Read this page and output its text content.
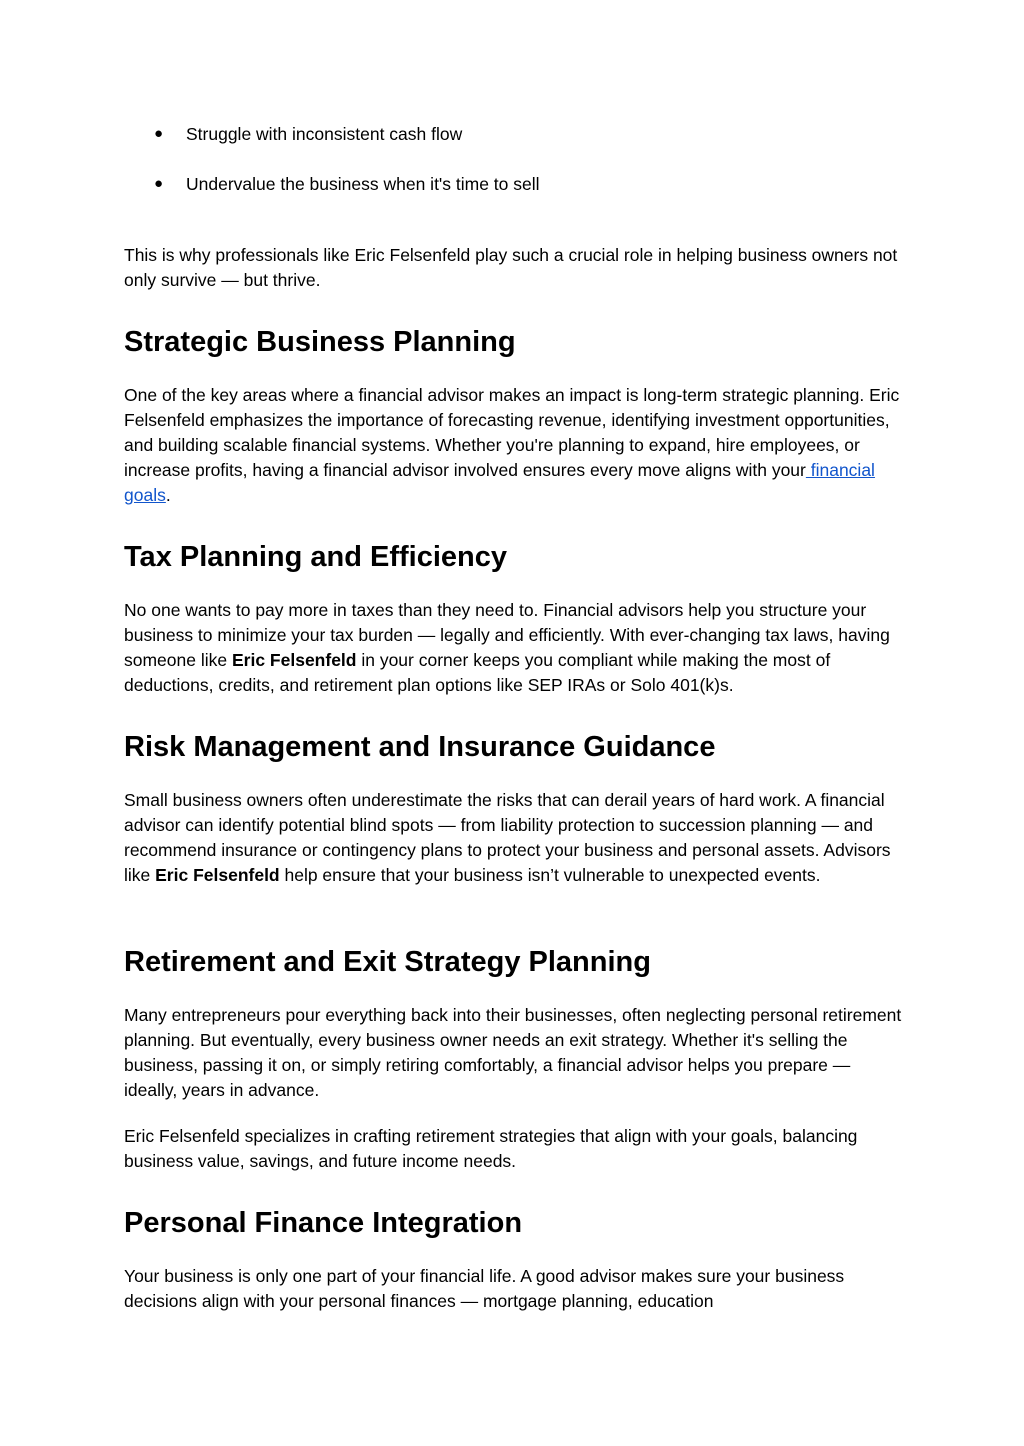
● Struggle with inconsistent cash flow
● Undervalue the business when it's time to sell

This is why professionals like Eric Felsenfeld play such a crucial role in helping business owners not only survive — but thrive.

Strategic Business Planning

One of the key areas where a financial advisor makes an impact is long-term strategic planning. Eric Felsenfeld emphasizes the importance of forecasting revenue, identifying investment opportunities, and building scalable financial systems. Whether you're planning to expand, hire employees, or increase profits, having a financial advisor involved ensures every move aligns with your financial goals.

Tax Planning and Efficiency

No one wants to pay more in taxes than they need to. Financial advisors help you structure your business to minimize your tax burden — legally and efficiently. With ever-changing tax laws, having someone like Eric Felsenfeld in your corner keeps you compliant while making the most of deductions, credits, and retirement plan options like SEP IRAs or Solo 401(k)s.

Risk Management and Insurance Guidance

Small business owners often underestimate the risks that can derail years of hard work. A financial advisor can identify potential blind spots — from liability protection to succession planning — and recommend insurance or contingency plans to protect your business and personal assets. Advisors like Eric Felsenfeld help ensure that your business isn’t vulnerable to unexpected events.

Retirement and Exit Strategy Planning

Many entrepreneurs pour everything back into their businesses, often neglecting personal retirement planning. But eventually, every business owner needs an exit strategy. Whether it's selling the business, passing it on, or simply retiring comfortably, a financial advisor helps you prepare — ideally, years in advance.

Eric Felsenfeld specializes in crafting retirement strategies that align with your goals, balancing business value, savings, and future income needs.

Personal Finance Integration

Your business is only one part of your financial life. A good advisor makes sure your business decisions align with your personal finances — mortgage planning, education
